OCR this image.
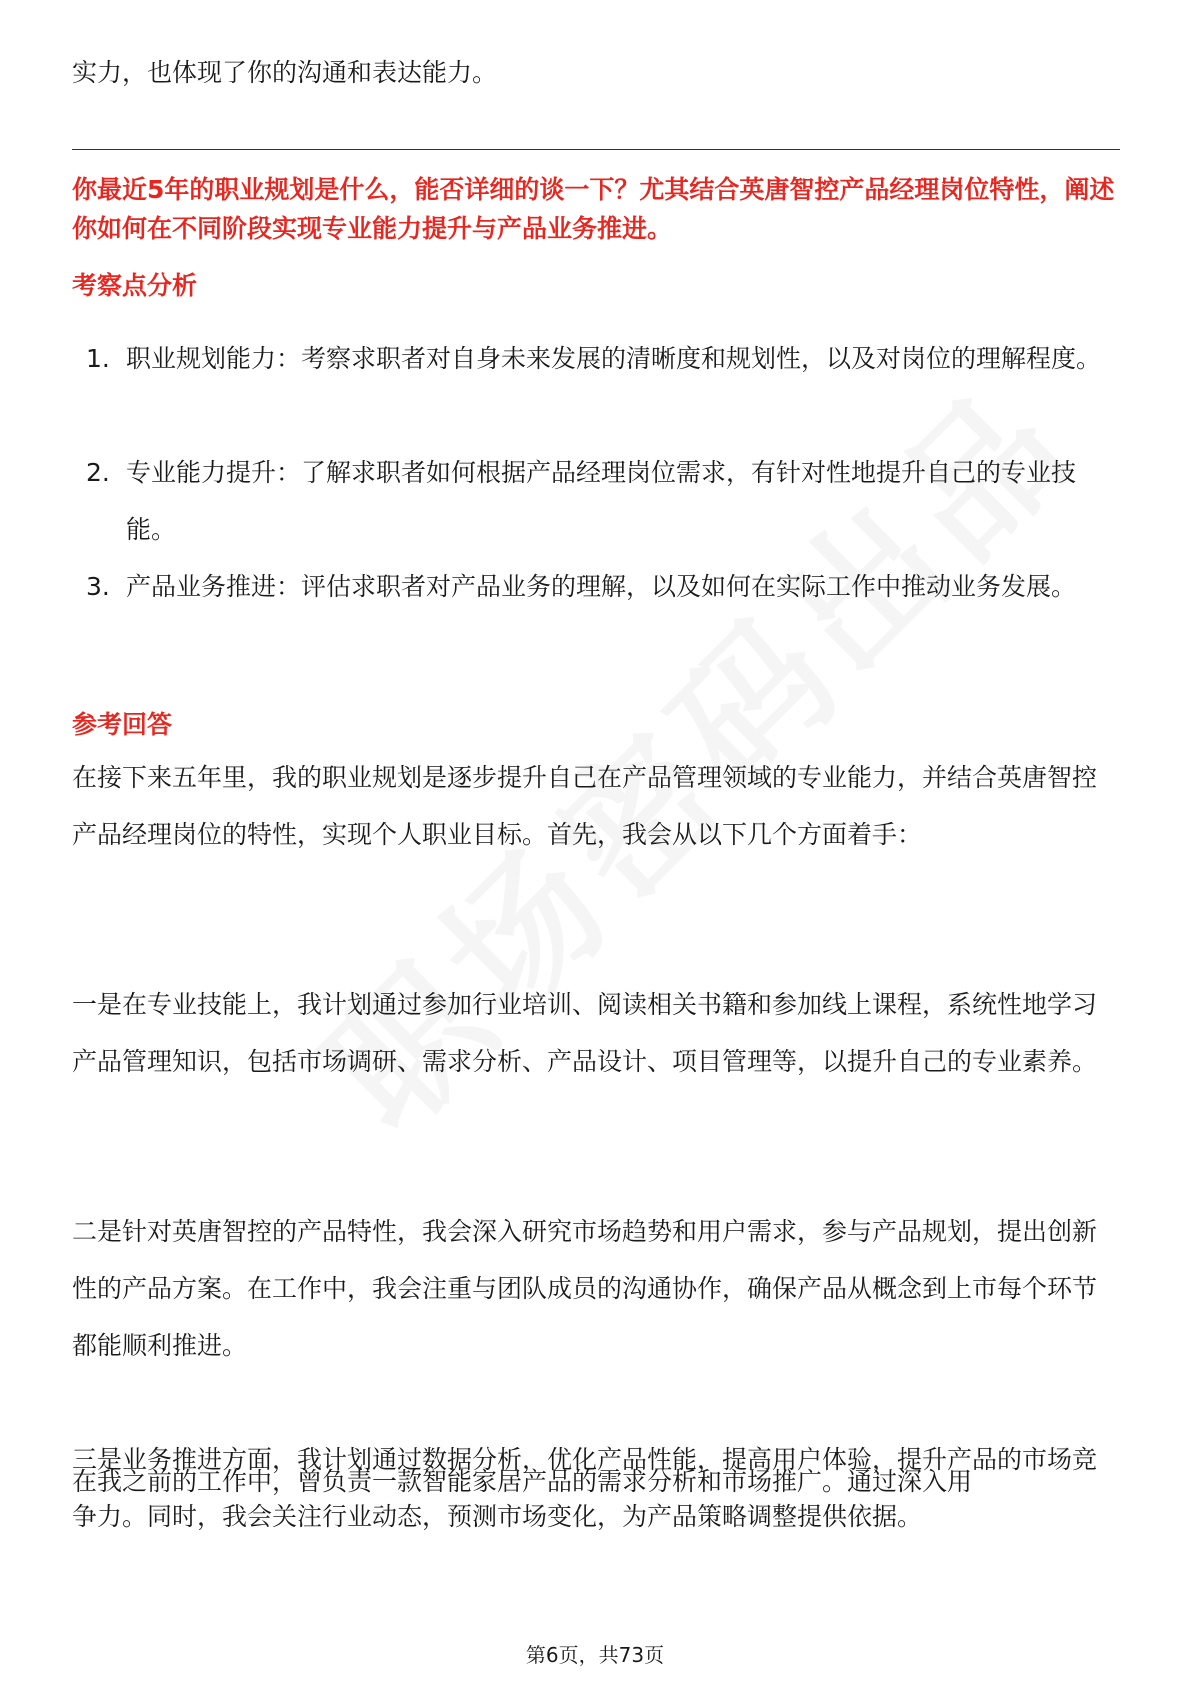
实力，也体现了你的沟通和表达能力。

你最近5年的职业规划是什么，能否详细的谈一下？尤其结合英唐智控产品经理岗位特性，阐述你如何在不同阶段实现专业能力提升与产品业务推进。

考察点分析
1. 职业规划能力：考察求职者对自身未来发展的清晰度和规划性，以及对岗位的理解程度。
2. 专业能力提升：了解求职者如何根据产品经理岗位需求，有针对性地提升自己的专业技能。
3. 产品业务推进：评估求职者对产品业务的理解，以及如何在实际工作中推动业务发展。
参考回答

在接下来五年里，我的职业规划是逐步提升自己在产品管理领域的专业能力，并结合英唐智控产品经理岗位的特性，实现个人职业目标。首先，我会从以下几个方面着手：

一是在专业技能上，我计划通过参加行业培训、阅读相关书籍和参加线上课程，系统性地学习产品管理知识，包括市场调研、需求分析、产品设计、项目管理等，以提升自己的专业素养。

二是针对英唐智控的产品特性，我会深入研究市场趋势和用户需求，参与产品规划，提出创新性的产品方案。在工作中，我会注重与团队成员的沟通协作，确保产品从概念到上市每个环节都能顺利推进。

三是业务推进方面，我计划通过数据分析，优化产品性能，提高用户体验，提升产品的市场竞争力。同时，我会关注行业动态，预测市场变化，为产品策略调整提供依据。

在我之前的工作中，曾负责一款智能家居产品的需求分析和市场推广。通过深入用

第6页，共73页
